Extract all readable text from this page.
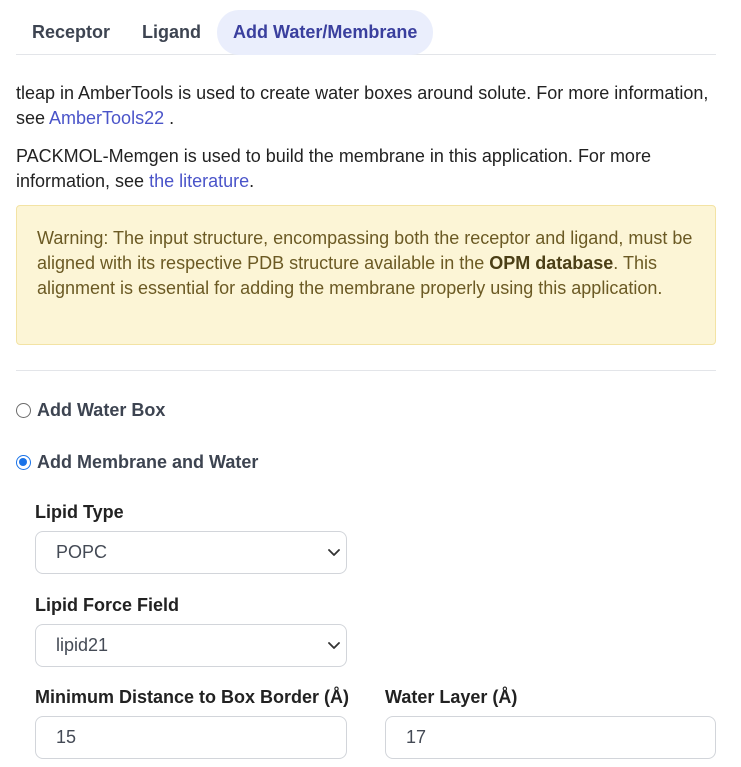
Receptor	Ligand	Add Water/Membrane

tleap in AmberTools is used to create water boxes around solute. For more information, see AmberTools22 .

PACKMOL-Memgen is used to build the membrane in this application. For more information, see the literature.

Warning: The input structure, encompassing both the receptor and ligand, must be aligned with its respective PDB structure available in the OPM database. This alignment is essential for adding the membrane properly using this application.
Add Water Box
Add Membrane and Water
Lipid Type
POPC
Lipid Force Field
lipid21
Minimum Distance to Box Border (Å)
15
Water Layer (Å)
17
